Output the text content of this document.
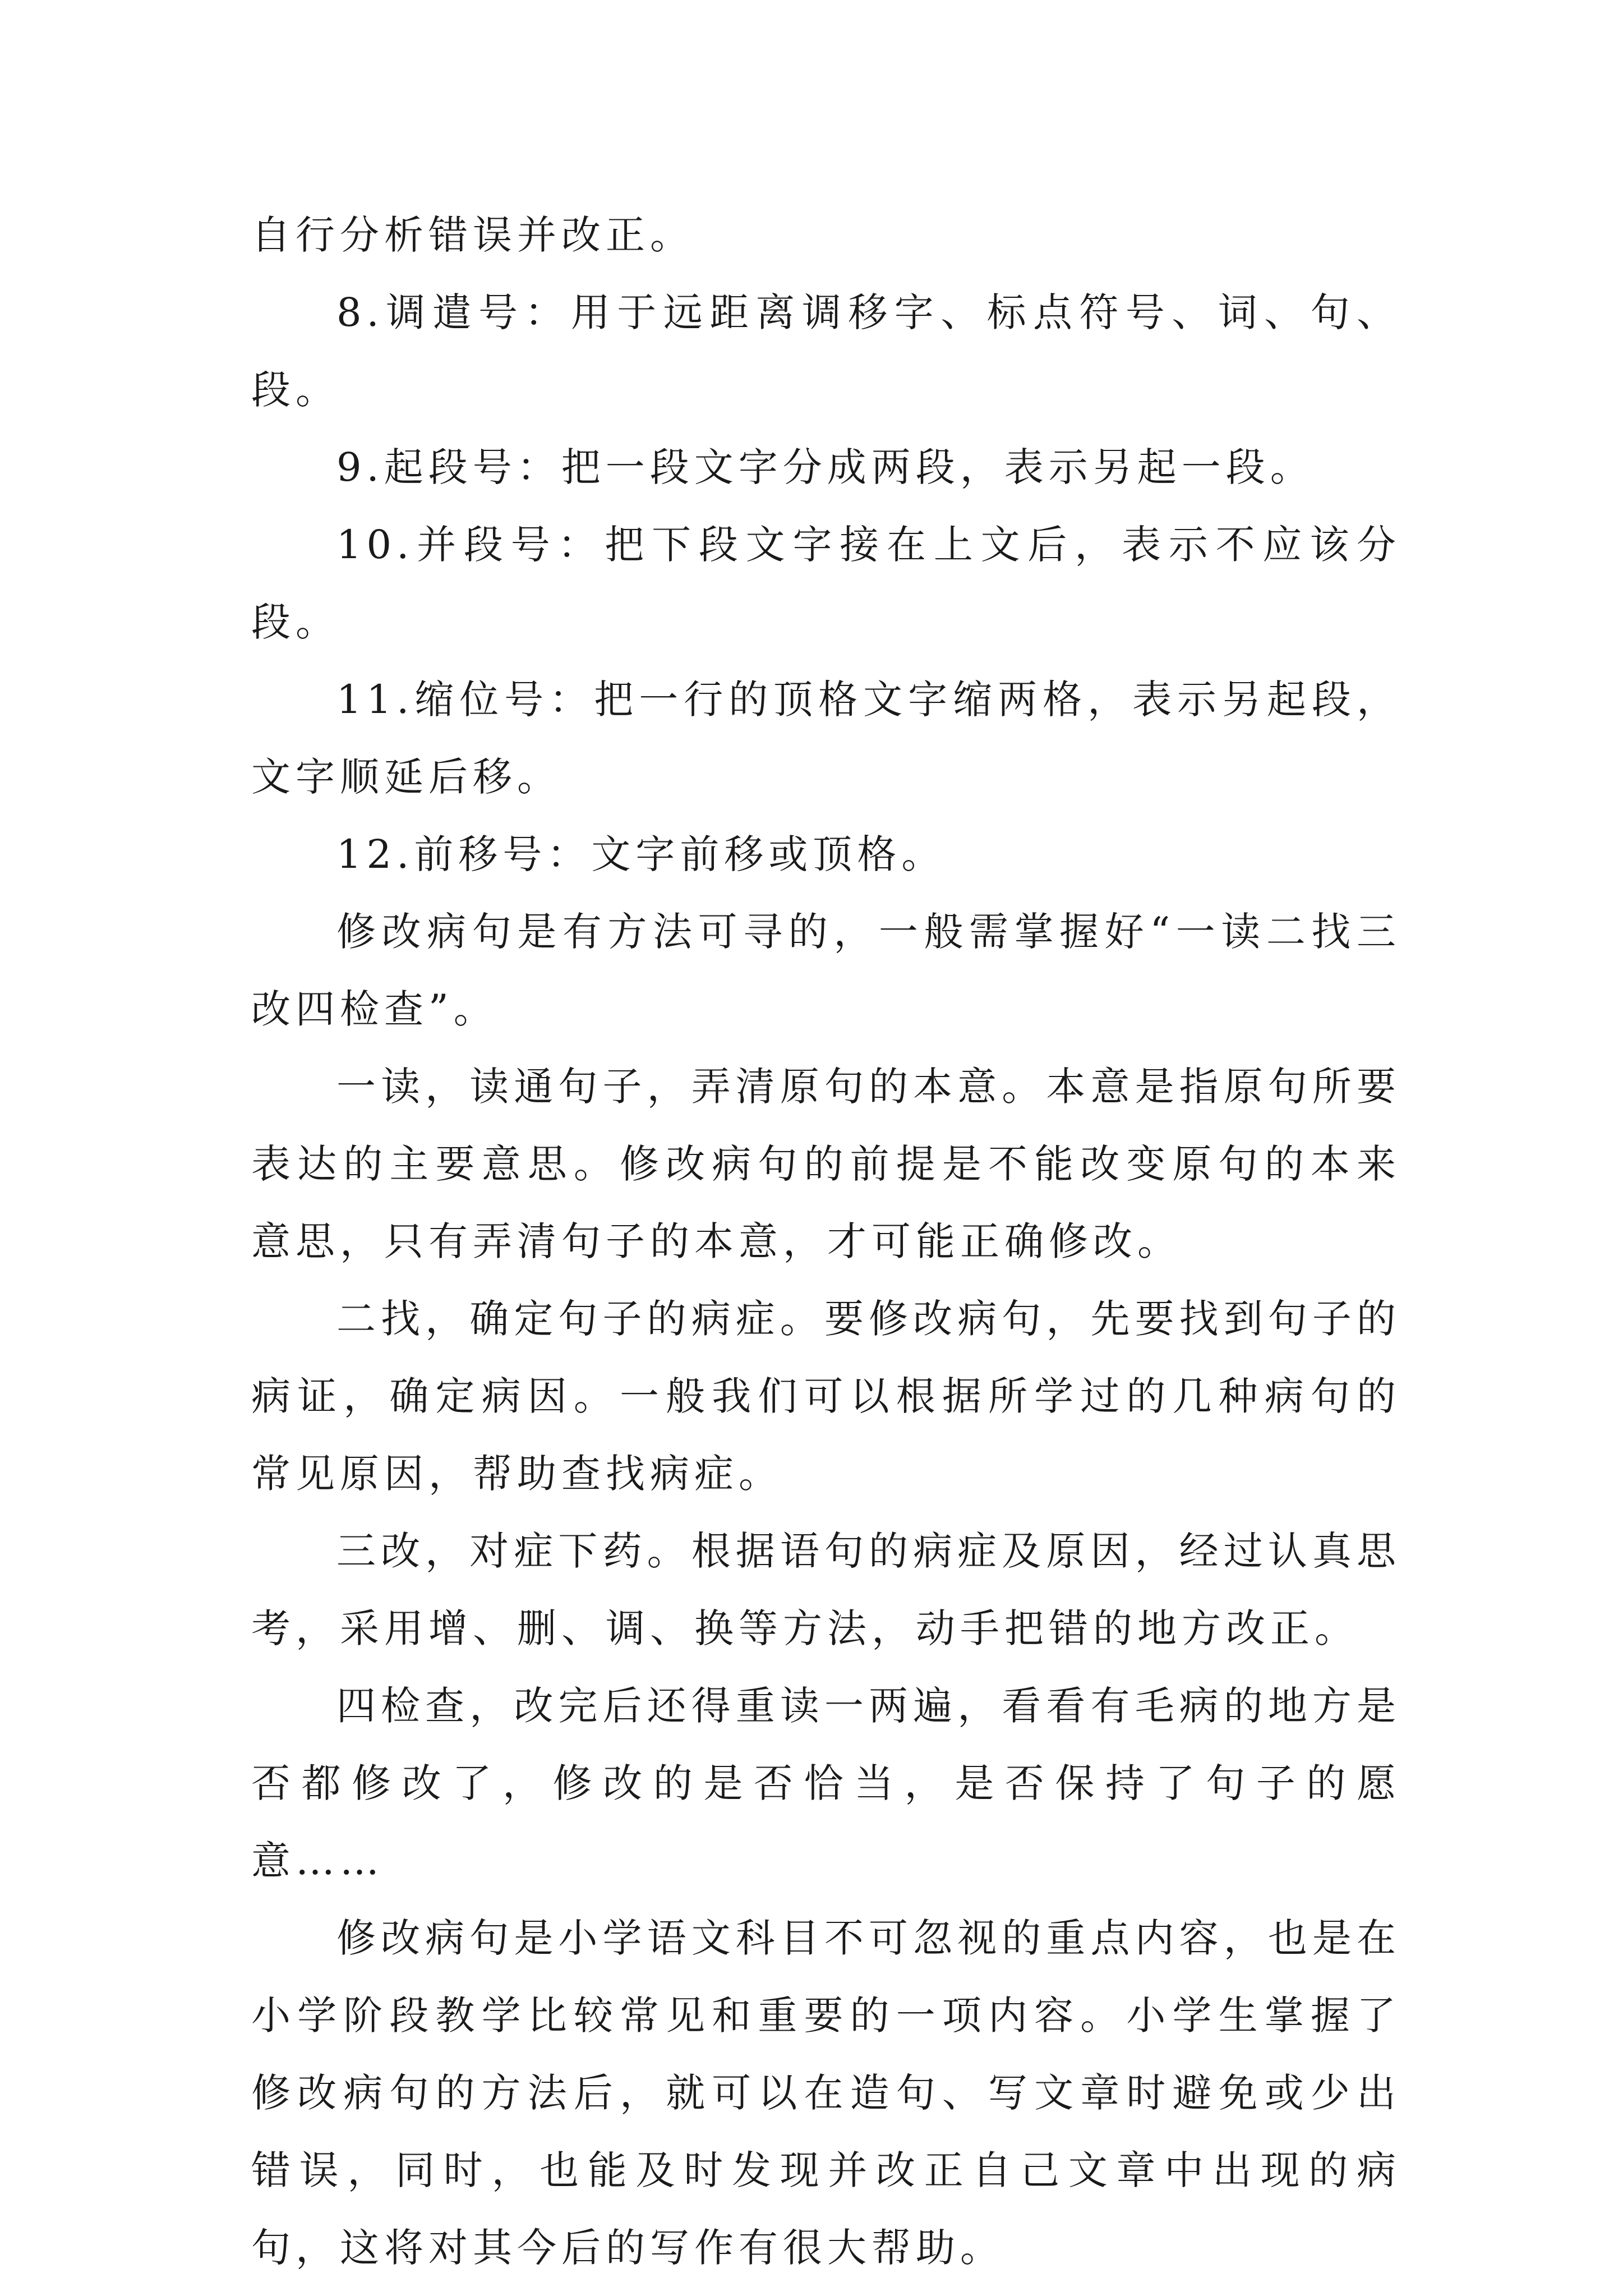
自行分析错误并改正。

8.调遣号：用于远距离调移字、标点符号、词、句、段。

9.起段号：把一段文字分成两段，表示另起一段。

10.并段号：把下段文字接在上文后，表示不应该分段。

11.缩位号：把一行的顶格文字缩两格，表示另起段，文字顺延后移。

12.前移号：文字前移或顶格。

修改病句是有方法可寻的，一般需掌握好“一读二找三改四检查”。

一读，读通句子，弄清原句的本意。本意是指原句所要表达的主要意思。修改病句的前提是不能改变原句的本来意思，只有弄清句子的本意，才可能正确修改。

二找，确定句子的病症。要修改病句，先要找到句子的病证，确定病因。一般我们可以根据所学过的几种病句的常见原因，帮助查找病症。

三改，对症下药。根据语句的病症及原因，经过认真思考，采用增、删、调、换等方法，动手把错的地方改正。

四检查，改完后还得重读一两遍，看看有毛病的地方是否都修改了，修改的是否恰当，是否保持了句子的愿意……

修改病句是小学语文科目不可忽视的重点内容，也是在小学阶段教学比较常见和重要的一项内容。小学生掌握了修改病句的方法后，就可以在造句、写文章时避免或少出错误，同时，也能及时发现并改正自己文章中出现的病句，这将对其今后的写作有很大帮助。
